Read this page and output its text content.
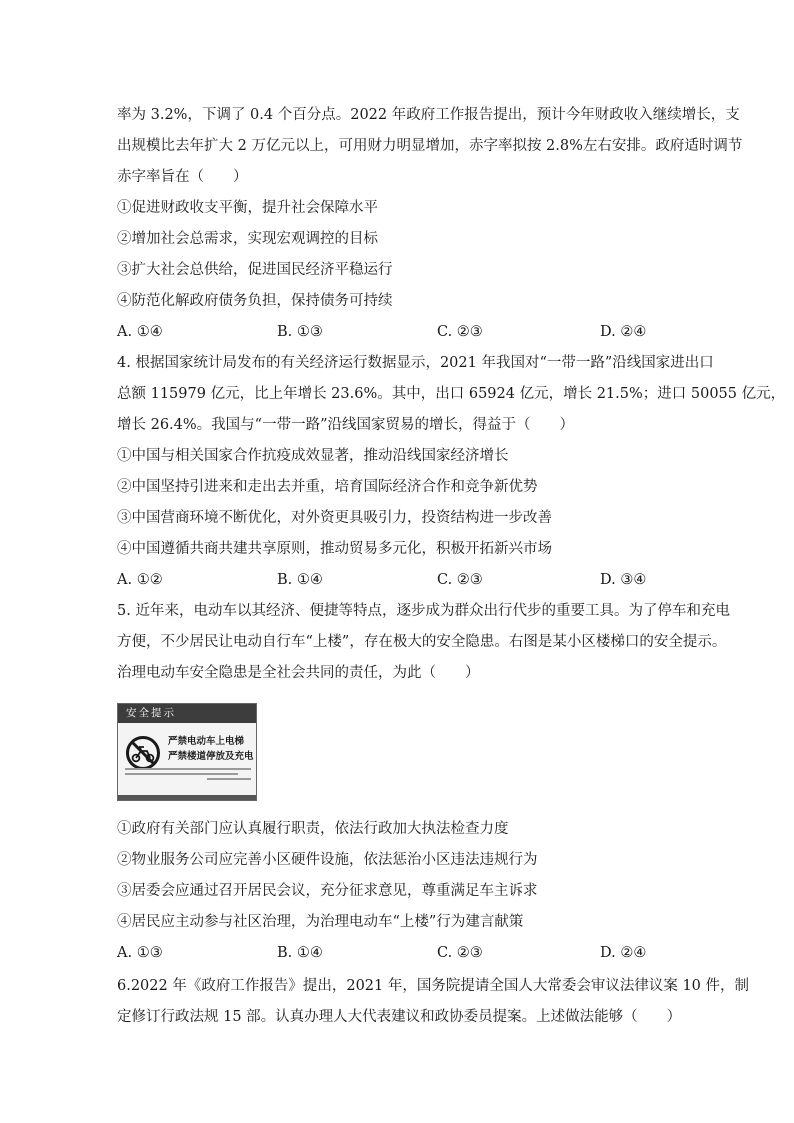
率为 3.2%，下调了 0.4 个百分点。2022 年政府工作报告提出，预计今年财政收入继续增长，支
出规模比去年扩大 2 万亿元以上，可用财力明显增加，赤字率拟按 2.8%左右安排。政府适时调节
赤字率旨在（　　）
①促进财政收支平衡，提升社会保障水平
②增加社会总需求，实现宏观调控的目标
③扩大社会总供给，促进国民经济平稳运行
④防范化解政府债务负担，保持债务可持续
A. ①④	B. ①③	C. ②③	D. ②④
4. 根据国家统计局发布的有关经济运行数据显示，2021 年我国对“一带一路”沿线国家进出口
总额 115979 亿元，比上年增长 23.6%。其中，出口 65924 亿元，增长 21.5%；进口 50055 亿元，
增长 26.4%。我国与“一带一路”沿线国家贸易的增长，得益于（　　）
①中国与相关国家合作抗疫成效显著，推动沿线国家经济增长
②中国坚持引进来和走出去并重，培育国际经济合作和竞争新优势
③中国营商环境不断优化，对外资更具吸引力，投资结构进一步改善
④中国遵循共商共建共享原则，推动贸易多元化，积极开拓新兴市场
A. ①②	B. ①④	C. ②③	D. ③④
5. 近年来，电动车以其经济、便捷等特点，逐步成为群众出行代步的重要工具。为了停车和充电
方便，不少居民让电动自行车“上楼”，存在极大的安全隐患。右图是某小区楼梯口的安全提示。
治理电动车安全隐患是全社会共同的责任，为此（　　）
安全提示
严禁电动车上电梯
严禁楼道停放及充电
①政府有关部门应认真履行职责，依法行政加大执法检查力度
②物业服务公司应完善小区硬件设施，依法惩治小区违法违规行为
③居委会应通过召开居民会议，充分征求意见，尊重满足车主诉求
④居民应主动参与社区治理，为治理电动车“上楼”行为建言献策
A. ①③	B. ①④	C. ②③	D. ②④
6.2022 年《政府工作报告》提出，2021 年，国务院提请全国人大常委会审议法律议案 10 件，制
定修订行政法规 15 部。认真办理人大代表建议和政协委员提案。上述做法能够（　　）
